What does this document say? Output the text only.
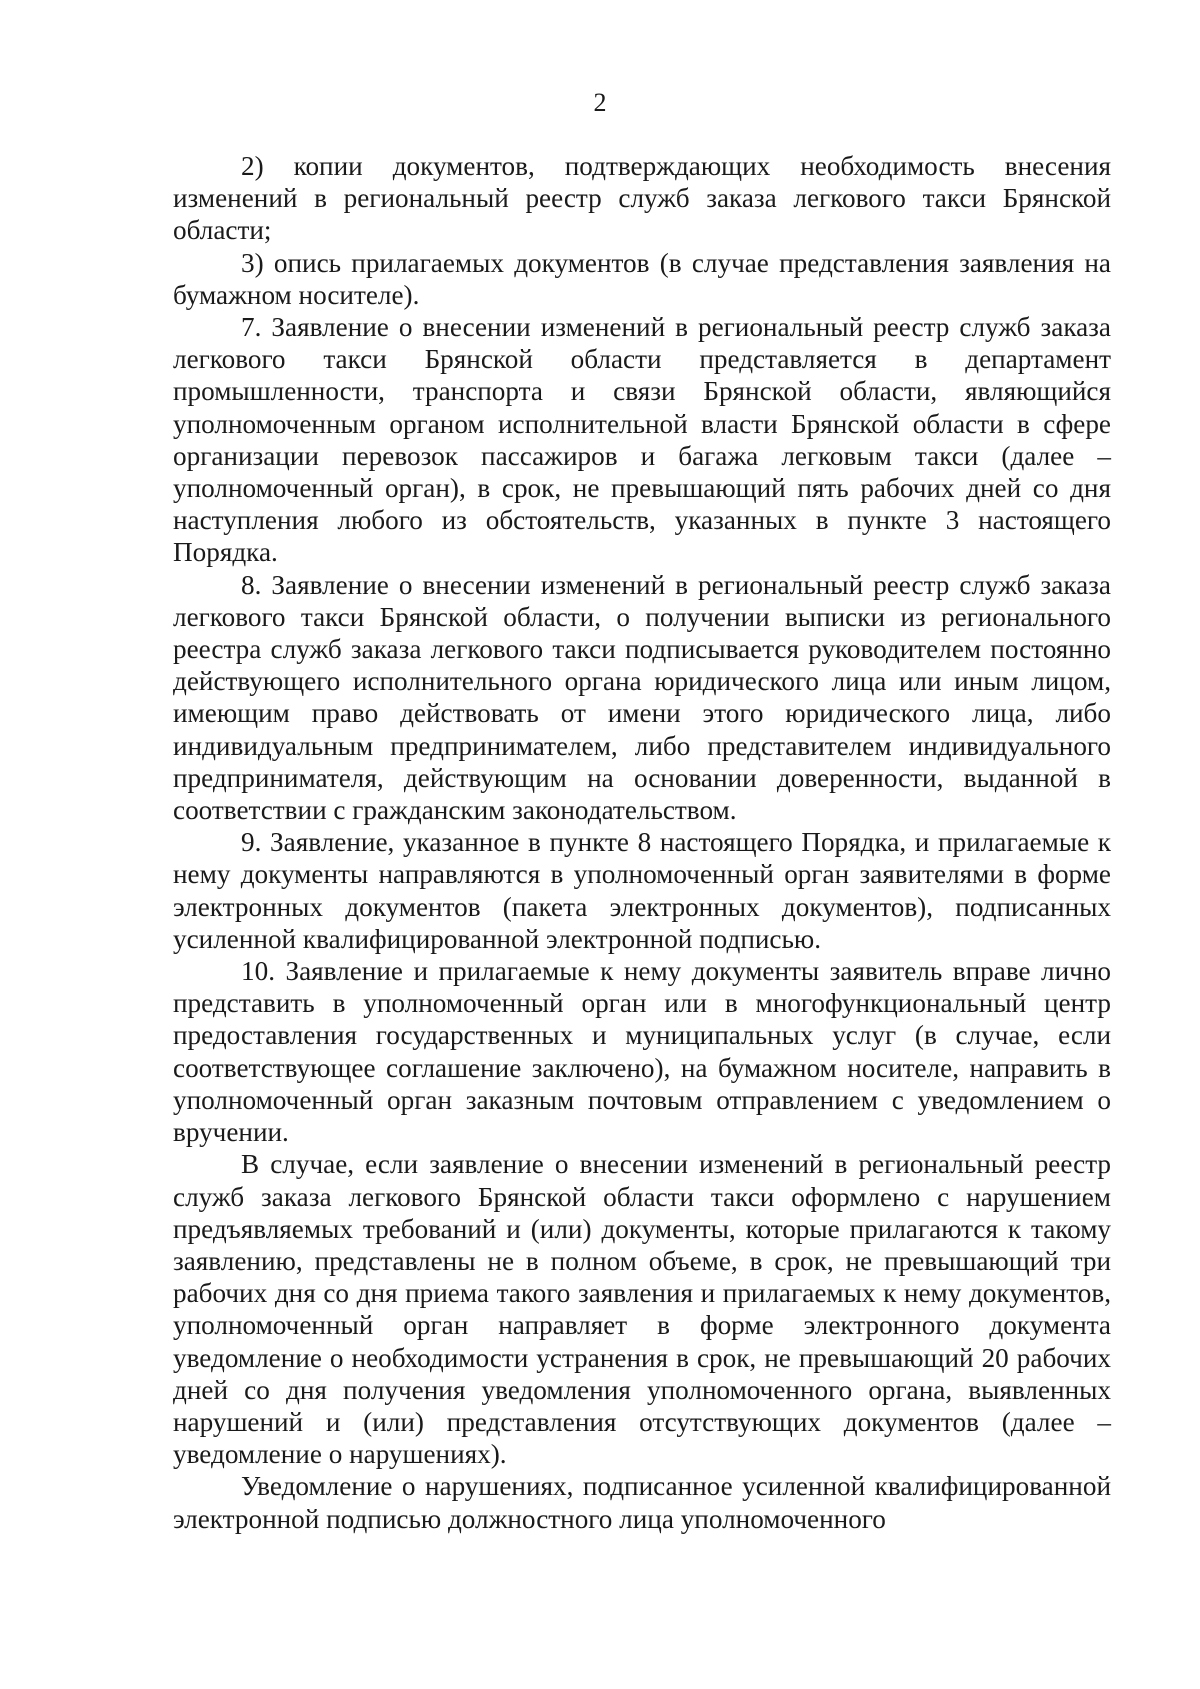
2

2) копии документов, подтверждающих необходимость внесения изменений в региональный реестр служб заказа легкового такси Брянской области;

3) опись прилагаемых документов (в случае представления заявления на бумажном носителе).

7. Заявление о внесении изменений в региональный реестр служб заказа легкового такси Брянской области представляется в департамент промышленности, транспорта и связи Брянской области, являющийся уполномоченным органом исполнительной власти Брянской области в сфере организации перевозок пассажиров и багажа легковым такси (далее – уполномоченный орган), в срок, не превышающий пять рабочих дней со дня наступления любого из обстоятельств, указанных в пункте 3 настоящего Порядка.

8. Заявление о внесении изменений в региональный реестр служб заказа легкового такси Брянской области, о получении выписки из регионального реестра служб заказа легкового такси подписывается руководителем постоянно действующего исполнительного органа юридического лица или иным лицом, имеющим право действовать от имени этого юридического лица, либо индивидуальным предпринимателем, либо представителем индивидуального предпринимателя, действующим на основании доверенности, выданной в соответствии с гражданским законодательством.

9. Заявление, указанное в пункте 8 настоящего Порядка, и прилагаемые к нему документы направляются в уполномоченный орган заявителями в форме электронных документов (пакета электронных документов), подписанных усиленной квалифицированной электронной подписью.

10. Заявление и прилагаемые к нему документы заявитель вправе лично представить в уполномоченный орган или в многофункциональный центр предоставления государственных и муниципальных услуг (в случае, если соответствующее соглашение заключено), на бумажном носителе, направить в уполномоченный орган заказным почтовым отправлением с уведомлением о вручении.

В случае, если заявление о внесении изменений в региональный реестр служб заказа легкового Брянской области такси оформлено с нарушением предъявляемых требований и (или) документы, которые прилагаются к такому заявлению, представлены не в полном объеме, в срок, не превышающий три рабочих дня со дня приема такого заявления и прилагаемых к нему документов, уполномоченный орган направляет в форме электронного документа уведомление о необходимости устранения в срок, не превышающий 20 рабочих дней со дня получения уведомления уполномоченного органа, выявленных нарушений и (или) представления отсутствующих документов (далее – уведомление о нарушениях).

Уведомление о нарушениях, подписанное усиленной квалифицированной электронной подписью должностного лица уполномоченного
